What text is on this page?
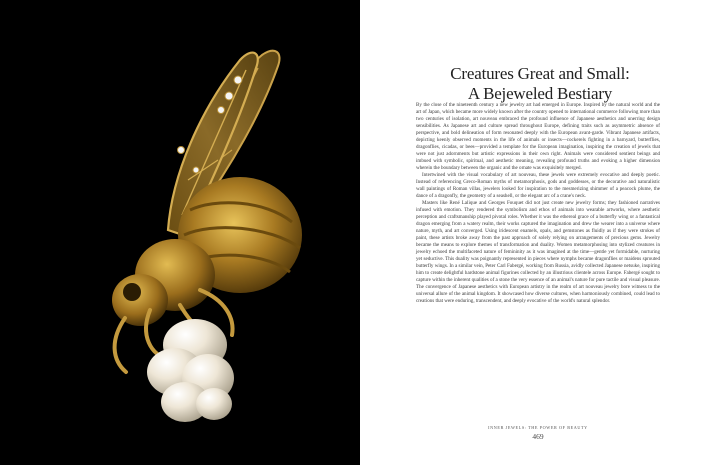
Creatures Great and Small:
A Bejeweled Bestiary

By the close of the nineteenth century a new jewelry art had emerged in Europe. Inspired by the natural world and the art of Japan, which became more widely known after the country opened to international commerce following more than two centuries of isolation, art nouveau embraced the profound influence of Japanese aesthetics and unerring design sensibilities. As Japanese art and culture spread throughout Europe, defining traits such as asymmetric absence of perspective, and bold delineation of form resonated deeply with the European avant-garde. Vibrant Japanese artifacts, depicting keenly observed moments in the life of animals or insects—cockerels fighting in a barnyard, butterflies, dragonflies, cicadas, or bees—provided a template for the European imagination, inspiring the creation of jewels that were not just adornments but artistic expressions in their own right. Animals were considered sentient beings and imbued with symbolic, spiritual, and aesthetic meaning, revealing profound truths and evoking a higher dimension wherein the boundary between the organic and the ornate was exquisitely merged.

Intertwined with the visual vocabulary of art nouveau, these jewels were extremely evocative and deeply poetic. Instead of referencing Greco-Roman myths of metamorphosis, gods and goddesses, or the decorative and naturalistic wall paintings of Roman villas, jewelers looked for inspiration to the mesmerizing shimmer of a peacock plume, the dance of a dragonfly, the geometry of a seashell, or the elegant arc of a crane's neck.

Masters like René Lalique and Georges Fouquet did not just create new jewelry forms; they fashioned narratives infused with emotion. They rendered the symbolism and ethos of animals into wearable artworks, where aesthetic perception and craftsmanship played pivotal roles. Whether it was the ethereal grace of a butterfly wing or a fantastical dragon emerging from a watery realm, their works captured the imagination and drew the wearer into a universe where nature, myth, and art converged. Using iridescent enamels, opals, and gemstones as fluidly as if they were strokes of paint, these artists broke away from the past approach of solely relying on arrangements of precious gems. Jewelry became the means to explore themes of transformation and duality. Women metamorphosing into stylized creatures in jewelry echoed the multifaceted nature of femininity as it was imagined at the time—gentle yet formidable, nurturing yet seductive. This duality was poignantly represented in pieces where nymphs became dragonflies or maidens sprouted butterfly wings. In a similar vein, Peter Carl Fabergé, working from Russia, avidly collected Japanese netsuke, inspiring him to create delightful hardstone animal figurines collected by an illustrious clientele across Europe. Fabergé sought to capture within the inherent qualities of a stone the very essence of an animal's nature for pure tactile and visual pleasure. The convergence of Japanese aesthetics with European artistry in the realm of art nouveau jewelry bore witness to the universal allure of the animal kingdom. It showcased how diverse cultures, when harmoniously combined, could lead to creations that were enduring, transcendent, and deeply evocative of the world's natural splendor.

INNER JEWELS: THE POWER OF BEAUTY
469
